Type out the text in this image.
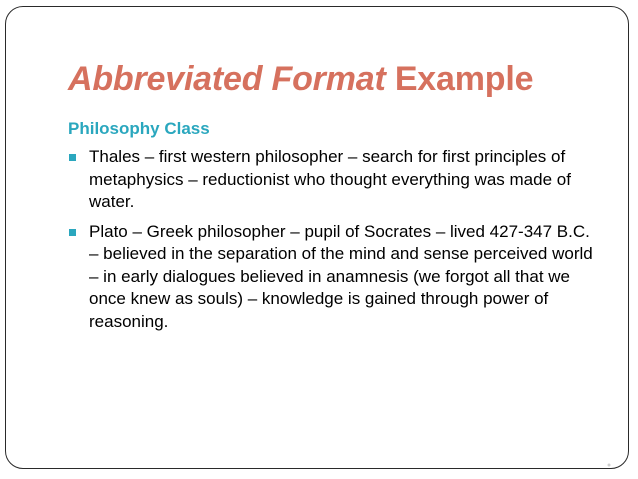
Abbreviated Format Example
Philosophy Class
Thales – first western philosopher – search for first principles of metaphysics – reductionist who thought everything was made of water.
Plato – Greek philosopher – pupil of Socrates – lived 427-347 B.C. – believed in the separation of the mind and sense perceived world – in early dialogues believed in anamnesis (we forgot all that we once knew as souls) – knowledge is gained through power of reasoning.
